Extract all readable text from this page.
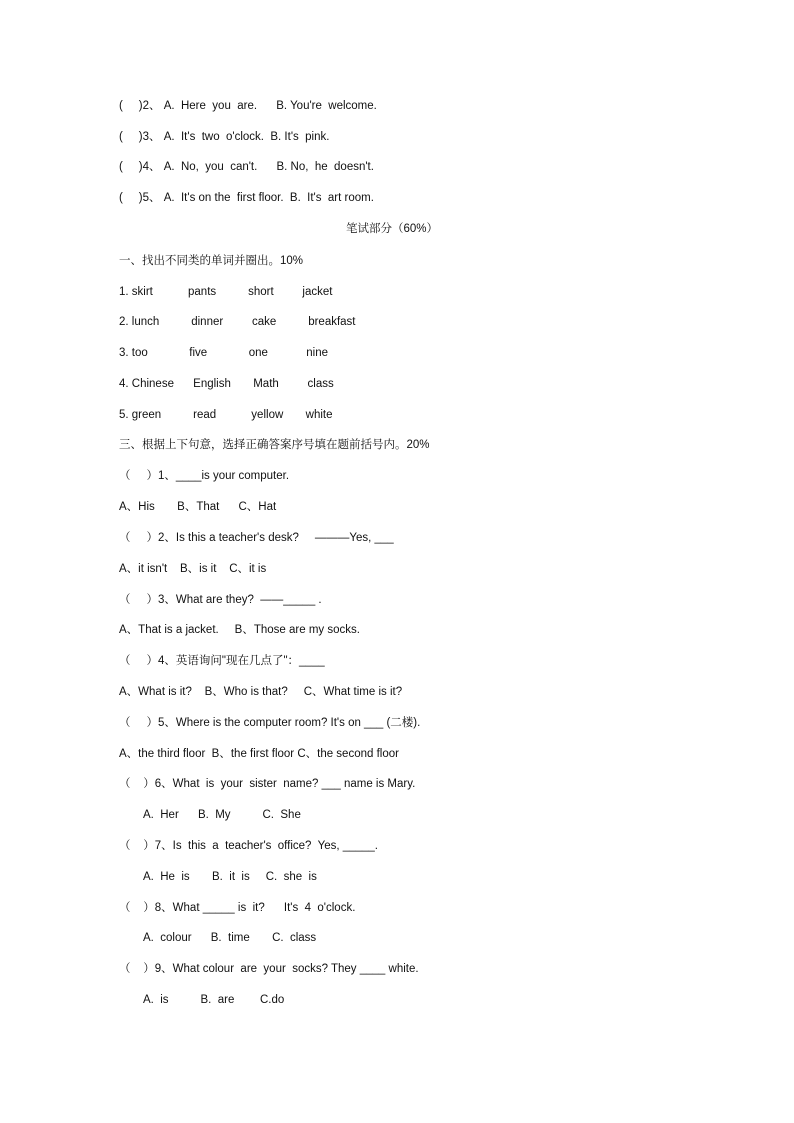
(     )2、 A.  Here  you  are.      B. You're  welcome.
(     )3、 A.  It's  two  o'clock.  B. It's  pink.
(     )4、 A.  No,  you  can't.      B. No,  he  doesn't.
(     )5、 A.  It's on the  first floor.  B.  It's  art room.
笔试部分（60%）
一、找出不同类的单词并圈出。10%
1. skirt           pants          short         jacket
2. lunch          dinner         cake          breakfast
3. too             five             one            nine
4. Chinese      English       Math         class
5. green          read           yellow       white
三、根据上下句意，选择正确答案序号填在题前括号内。20%
（     ）1、____is your computer.
A、His       B、That      C、Hat
（     ）2、Is this a teacher's desk?     ———Yes, ___
A、it isn't    B、is it    C、it is
（     ）3、What are they?  ——_____ .
A、That is a jacket.     B、Those are my socks.
（     ）4、英语询问"现在几点了"：____
A、What is it?    B、Who is that?     C、What time is it?
（     ）5、Where is the computer room? It's on ___ (二楼).
A、the third floor  B、the first floor C、the second floor
（    ）6、What  is  your  sister  name? ___ name is Mary.
A.  Her      B.  My          C.  She
（    ）7、Is  this  a  teacher's  office?  Yes, _____.
A.  He  is       B.  it  is     C.  she  is
（    ）8、What _____ is  it?      It's  4  o'clock.
A.  colour      B.  time       C.  class
（    ）9、What colour  are  your  socks? They ____ white.
A.  is          B.  are        C.do
